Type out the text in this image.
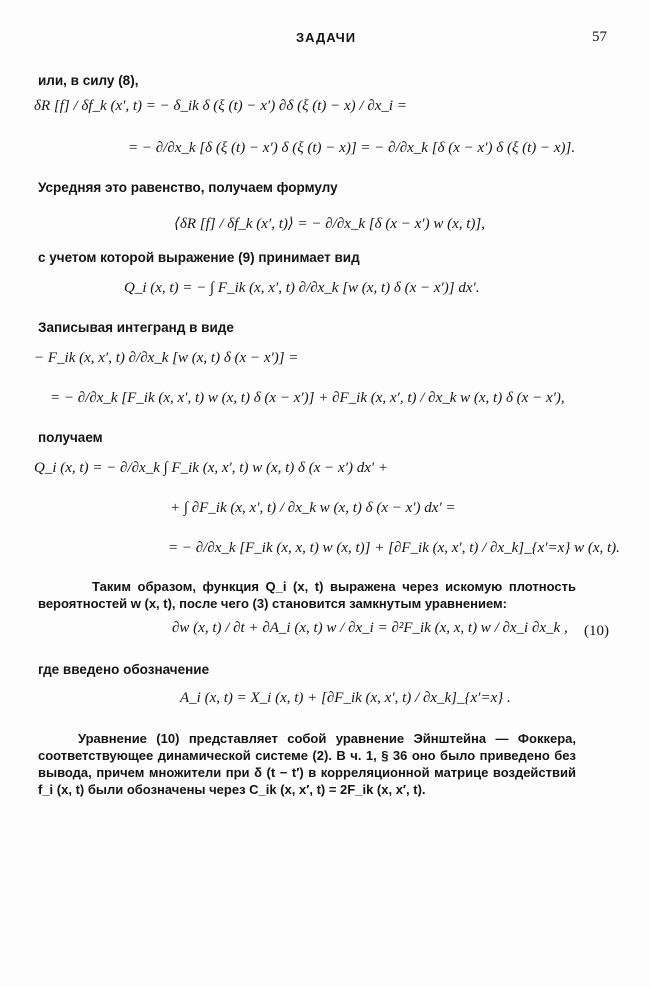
ЗАДАЧИ	57
или, в силу (8),
δR [f] / δf_k (x′, t) = − δ_ik δ (ξ (t) − x′) ∂δ (ξ (t) − x) / ∂x_i =
= − ∂/∂x_k [δ (ξ (t) − x′) δ (ξ (t) − x)] = − ∂/∂x_k [δ (x − x′) δ (ξ (t) − x)].
Усредняя это равенство, получаем формулу
⟨δR [f] / δf_k (x′, t)⟩ = − ∂/∂x_k [δ (x − x′) w (x, t)],
с учетом которой выражение (9) принимает вид
Q_i (x, t) = − ∫ F_ik (x, x′, t) ∂/∂x_k [w (x, t) δ (x − x′)] dx′.
Записывая интегранд в виде
− F_ik (x, x′, t) ∂/∂x_k [w (x, t) δ (x − x′)] =
= − ∂/∂x_k [F_ik (x, x′, t) w (x, t) δ (x − x′)] + ∂F_ik (x, x′, t) / ∂x_k w (x, t) δ (x − x′),
получаем
Q_i (x, t) = − ∂/∂x_k ∫ F_ik (x, x′, t) w (x, t) δ (x − x′) dx′ +
+ ∫ ∂F_ik (x, x′, t) / ∂x_k w (x, t) δ (x − x′) dx′ =
= − ∂/∂x_k [F_ik (x, x, t) w (x, t)] + [∂F_ik (x, x′, t) / ∂x_k]_{x′=x} w (x, t).
Таким образом, функция Q_i (x, t) выражена через искомую плотность вероятностей w (x, t), после чего (3) становится замкнутым уравнением:
∂w (x, t) / ∂t + ∂A_i (x, t) w / ∂x_i = ∂²F_ik (x, x, t) w / ∂x_i ∂x_k , (10)
где введено обозначение
A_i (x, t) = X_i (x, t) + [∂F_ik (x, x′, t) / ∂x_k]_{x′=x} .
Уравнение (10) представляет собой уравнение Эйнштейна — Фоккера, соответствующее динамической системе (2). В ч. 1, § 36 оно было приведено без вывода, причем множители при δ (t − t′) в корреляционной матрице воздействий f_i (x, t) были обозначены через C_ik (x, x′, t) = 2F_ik (x, x′, t).
